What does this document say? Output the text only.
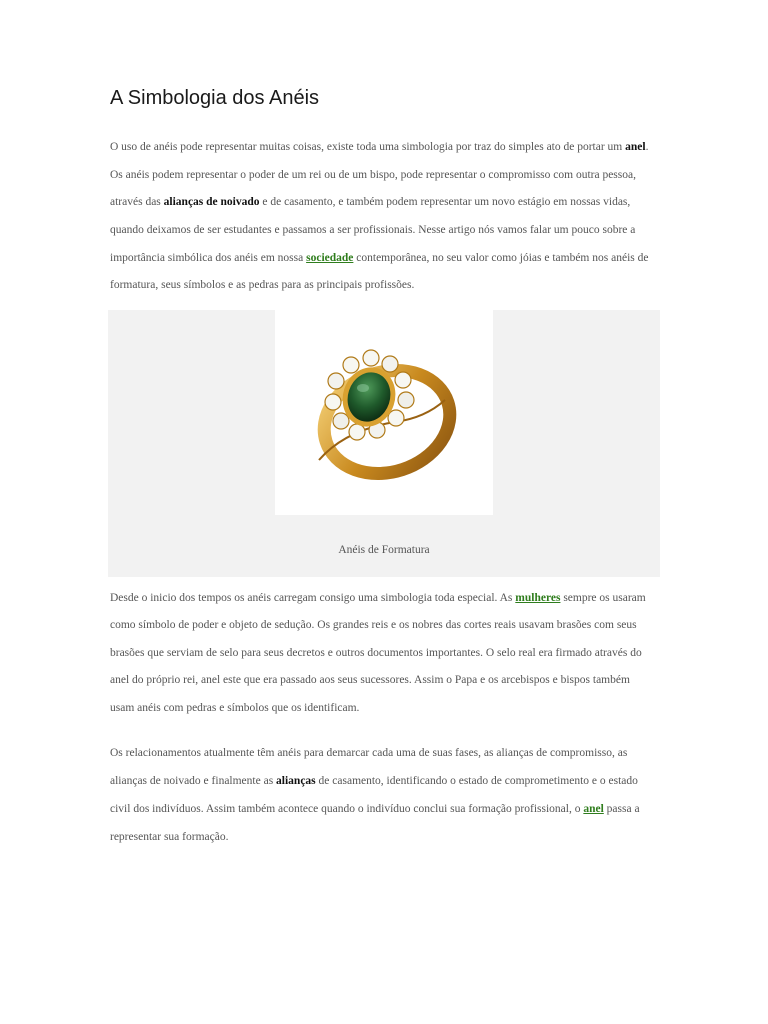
A Simbologia dos Anéis
O uso de anéis pode representar muitas coisas, existe toda uma simbologia por traz do simples ato de portar um anel.
Os anéis podem representar o poder de um rei ou de um bispo, pode representar o compromisso com outra pessoa,
através das alianças de noivado e de casamento, e também podem representar um novo estágio em nossas vidas,
quando deixamos de ser estudantes e passamos a ser profissionais. Nesse artigo nós vamos falar um pouco sobre a
importância simbólica dos anéis em nossa sociedade contemporânea, no seu valor como jóias e também nos anéis de
formatura, seus símbolos e as pedras para as principais profissões.
Anéis de Formatura
Desde o inicio dos tempos os anéis carregam consigo uma simbologia toda especial. As mulheres sempre os usaram
como símbolo de poder e objeto de sedução. Os grandes reis e os nobres das cortes reais usavam brasões com seus
brasões que serviam de selo para seus decretos e outros documentos importantes. O selo real era firmado através do
anel do próprio rei, anel este que era passado aos seus sucessores. Assim o Papa e os arcebispos e bispos também
usam anéis com pedras e símbolos que os identificam.
Os relacionamentos atualmente têm anéis para demarcar cada uma de suas fases, as alianças de compromisso, as
alianças de noivado e finalmente as alianças de casamento, identificando o estado de comprometimento e o estado
civil dos indivíduos. Assim também acontece quando o indivíduo conclui sua formação profissional, o anel passa a
representar sua formação.
